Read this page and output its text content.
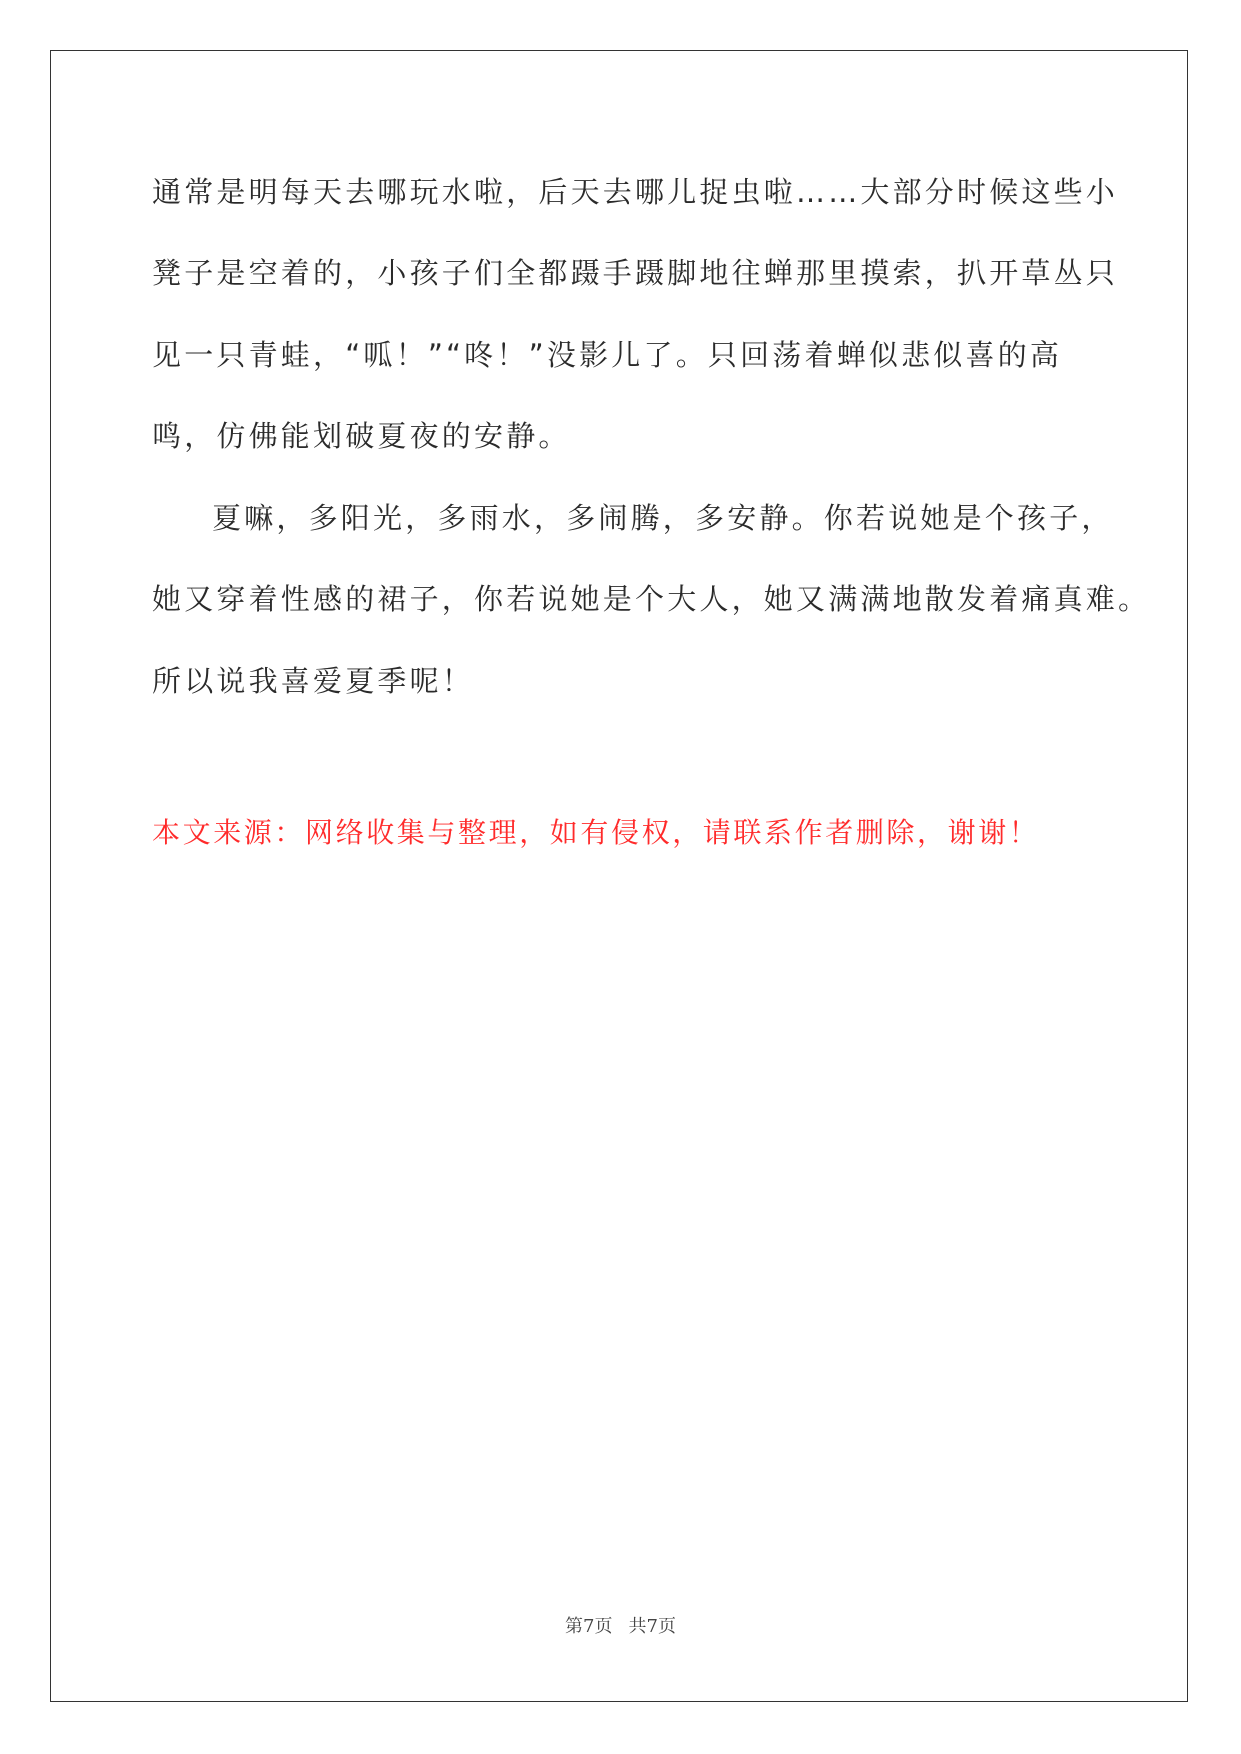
通常是明每天去哪玩水啦，后天去哪儿捉虫啦……大部分时候这些小
凳子是空着的，小孩子们全都蹑手蹑脚地往蝉那里摸索，扒开草丛只
见一只青蛙，“呱！”“咚！”没影儿了。只回荡着蝉似悲似喜的高
鸣，仿佛能划破夏夜的安静。
夏嘛，多阳光，多雨水，多闹腾，多安静。你若说她是个孩子，
她又穿着性感的裙子，你若说她是个大人，她又满满地散发着痛真难。
所以说我喜爱夏季呢！
本文来源：网络收集与整理，如有侵权，请联系作者删除，谢谢！
第7页 共7页
